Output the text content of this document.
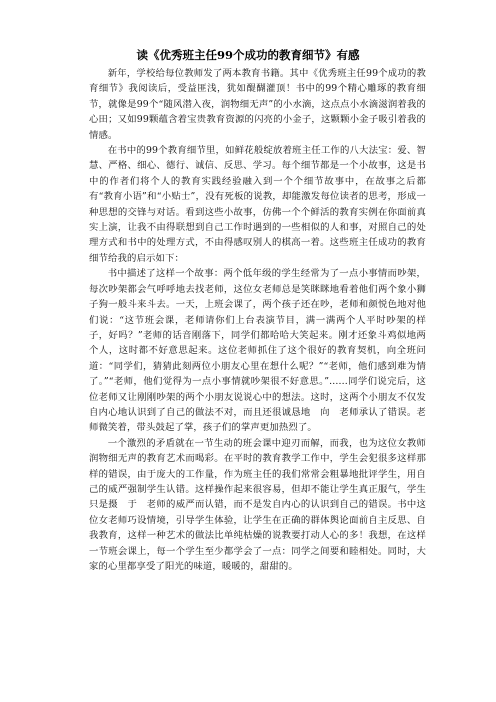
读《优秀班主任99个成功的教育细节》有感

新年，学校给每位教师发了两本教育书籍。其中《优秀班主任99个成功的教育细节》我阅读后，受益匪浅，犹如醍醐灌顶！书中的99个精心雕琢的教育细节，就像是99个“随风潜入夜，润物细无声”的小水滴，这点点小水滴滋润着我的心田；又如99颗蕴含着宝贵教育资源的闪亮的小金子，这颗颗小金子吸引着我的情感。

在书中的99个教育细节里，如鲜花般绽放着班主任工作的八大法宝：爱、智慧、严格、细心、德行、诚信、反思、学习。每个细节都是一个小故事，这是书中的作者们将个人的教育实践经验融入到一个个细节故事中，在故事之后都有“教育小语”和“小贴士”，没有死板的说教，却能激发每位读者的思考，形成一种思想的交锋与对话。看到这些小故事，仿佛一个个鲜活的教育实例在你面前真实上演，让我不由得联想到自己工作时遇到的一些相似的人和事，对照自己的处理方式和书中的处理方式，不由得感叹别人的棋高一着。这些班主任成功的教育细节给我的启示如下：

书中描述了这样一个故事：两个低年级的学生经常为了一点小事情而吵架，每次吵架都会气呼呼地去找老师，这位女老师总是笑眯眯地看着他们两个象小狮子狗一般斗来斗去。一天，上班会课了，两个孩子还在吵，老师和颜悦色地对他们说：“这节班会课，老师请你们上台表演节目，满一满两个人平时吵架的样子，好吗？”老师的话音刚落下，同学们都哈哈大笑起来。刚才还象斗鸡似地两个人，这时都不好意思起来。这位老师抓住了这个很好的教育契机，向全班问道：“同学们，猜猜此刻两位小朋友心里在想什么呢？”“老师，他们感到难为情了。”“老师，他们觉得为一点小事情就吵架很不好意思。”......同学们说完后，这位老师又让刚刚吵架的两个小朋友说说心中的想法。这时，这两个小朋友不仅发自内心地认识到了自己的做法不对，而且还很诚恳地　向　老师承认了错误。老师微笑着，带头鼓起了掌，孩子们的掌声更加热烈了。

一个激烈的矛盾就在一节生动的班会课中迎刃而解，而我，也为这位女教师润物细无声的教育艺术而喝彩。在平时的教育教学工作中，学生会犯很多这样那样的错误，由于庞大的工作量，作为班主任的我们常常会粗暴地批评学生，用自己的威严强制学生认错。这样操作起来很容易，但却不能让学生真正服气，学生只是摄　于　老师的威严而认错，而不是发自内心的认识到自己的错误。书中这位女老师巧设情境，引导学生体验，让学生在正确的群体舆论面前自主反思、自我教育，这样一种艺术的做法比单纯枯燥的说教要打动人心的多！我想，在这样一节班会课上，每一个学生至少都学会了一点：同学之间要和睦相处。同时，大家的心里都享受了阳光的味道，暖暖的，甜甜的。
